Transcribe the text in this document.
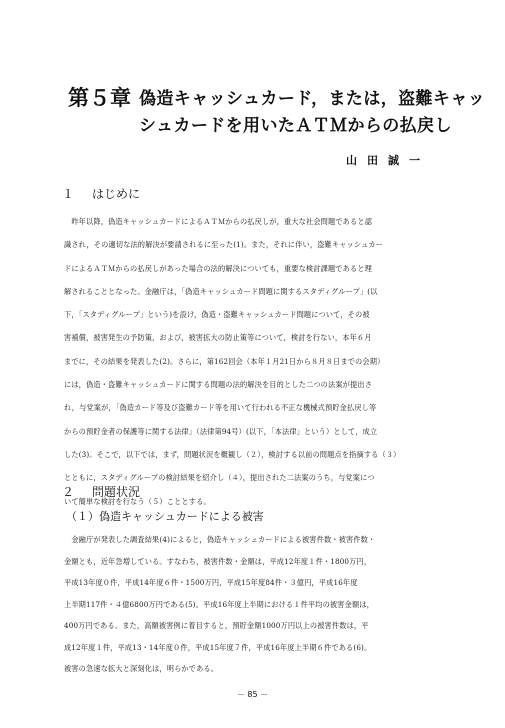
第５章 偽造キャッシュカード，または，盗難キャッ
シュカードを用いたＡＴＭからの払戻し
山田誠一
１ はじめに
　昨年以降，偽造キャッシュカードによるＡＴＭからの払戻しが，重大な社会問題であると認
識され，その適切な法的解決が要請されるに至った(1)。また，それに伴い，盗難キャッシュカー
ドによるＡＴＭからの払戻しがあった場合の法的解決についても，重要な検討課題であると理
解されることとなった。金融庁は，「偽造キャッシュカード問題に関するスタディグループ」(以
下，「スタディグループ」という)を設け，偽造・盗難キャッシュカード問題について，その被
害補償，被害発生の予防策，および，被害拡大の防止策等について，検討を行ない，本年６月
までに，その結果を発表した(2)。さらに，第162回会（本年１月21日から８月８日までの会期）
には，偽造・盗難キャッシュカードに関する問題の法的解決を目的とした二つの法案が提出さ
れ，与党案が，「偽造カード等及び盗難カード等を用いて行われる不正な機械式預貯金払戻し等
からの預貯金者の保護等に関する法律」（法律第94号）(以下，「本法律」という）として，成立
した(3)。そこで，以下では，まず，問題状況を概観し（２），検討する以前の問題点を指摘する（３）
とともに，スタディグループの検討結果を紹介し（４），提出された二法案のうち，与党案につ
いて簡単な検討を行なう（５）こととする。
２ 問題状況
（１）偽造キャッシュカードによる被害
　金融庁が発表した調査結果(4)によると，偽造キャッシュカードによる被害件数・被害件数・
金額とも，近年急増している。すなわち，被害件数・金額は，平成12年度１件・1800万円，
平成13年度０件，平成14年度６件・1500万円，平成15年度84件・３億円，平成16年度
上半期117件・４億6800万円である(5)。平成16年度上半期における１件平均の被害金額は，
400万円である。また，高額被害例に着目すると，預貯金額1000万円以上の被害件数は，平
成12年度１件，平成13・14年度０件，平成15年度７件，平成16年度上半期６件である(6)。
被害の急速な拡大と深刻化は，明らかである。
－ 85 －
